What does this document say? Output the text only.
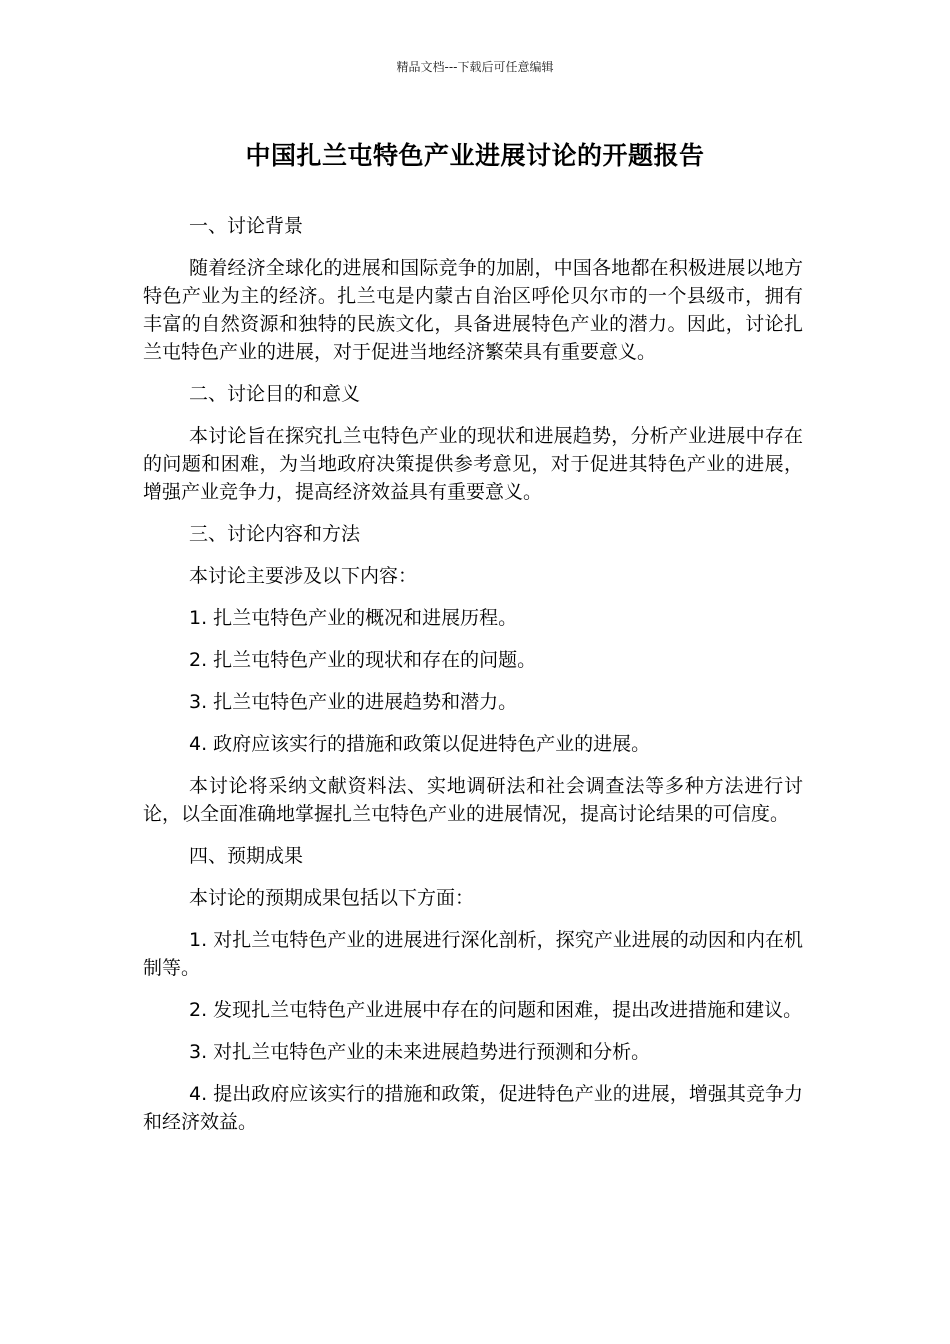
精品文档---下载后可任意编辑
中国扎兰屯特色产业进展讨论的开题报告

一、讨论背景

随着经济全球化的进展和国际竞争的加剧，中国各地都在积极进展以地方特色产业为主的经济。扎兰屯是内蒙古自治区呼伦贝尔市的一个县级市，拥有丰富的自然资源和独特的民族文化，具备进展特色产业的潜力。因此，讨论扎兰屯特色产业的进展，对于促进当地经济繁荣具有重要意义。

二、讨论目的和意义

本讨论旨在探究扎兰屯特色产业的现状和进展趋势，分析产业进展中存在的问题和困难，为当地政府决策提供参考意见，对于促进其特色产业的进展，增强产业竞争力，提高经济效益具有重要意义。

三、讨论内容和方法

本讨论主要涉及以下内容：

1. 扎兰屯特色产业的概况和进展历程。

2. 扎兰屯特色产业的现状和存在的问题。

3. 扎兰屯特色产业的进展趋势和潜力。

4. 政府应该实行的措施和政策以促进特色产业的进展。

本讨论将采纳文献资料法、实地调研法和社会调查法等多种方法进行讨论，以全面准确地掌握扎兰屯特色产业的进展情况，提高讨论结果的可信度。

四、预期成果

本讨论的预期成果包括以下方面：

1. 对扎兰屯特色产业的进展进行深化剖析，探究产业进展的动因和内在机制等。

2. 发现扎兰屯特色产业进展中存在的问题和困难，提出改进措施和建议。

3. 对扎兰屯特色产业的未来进展趋势进行预测和分析。

4. 提出政府应该实行的措施和政策，促进特色产业的进展，增强其竞争力和经济效益。
